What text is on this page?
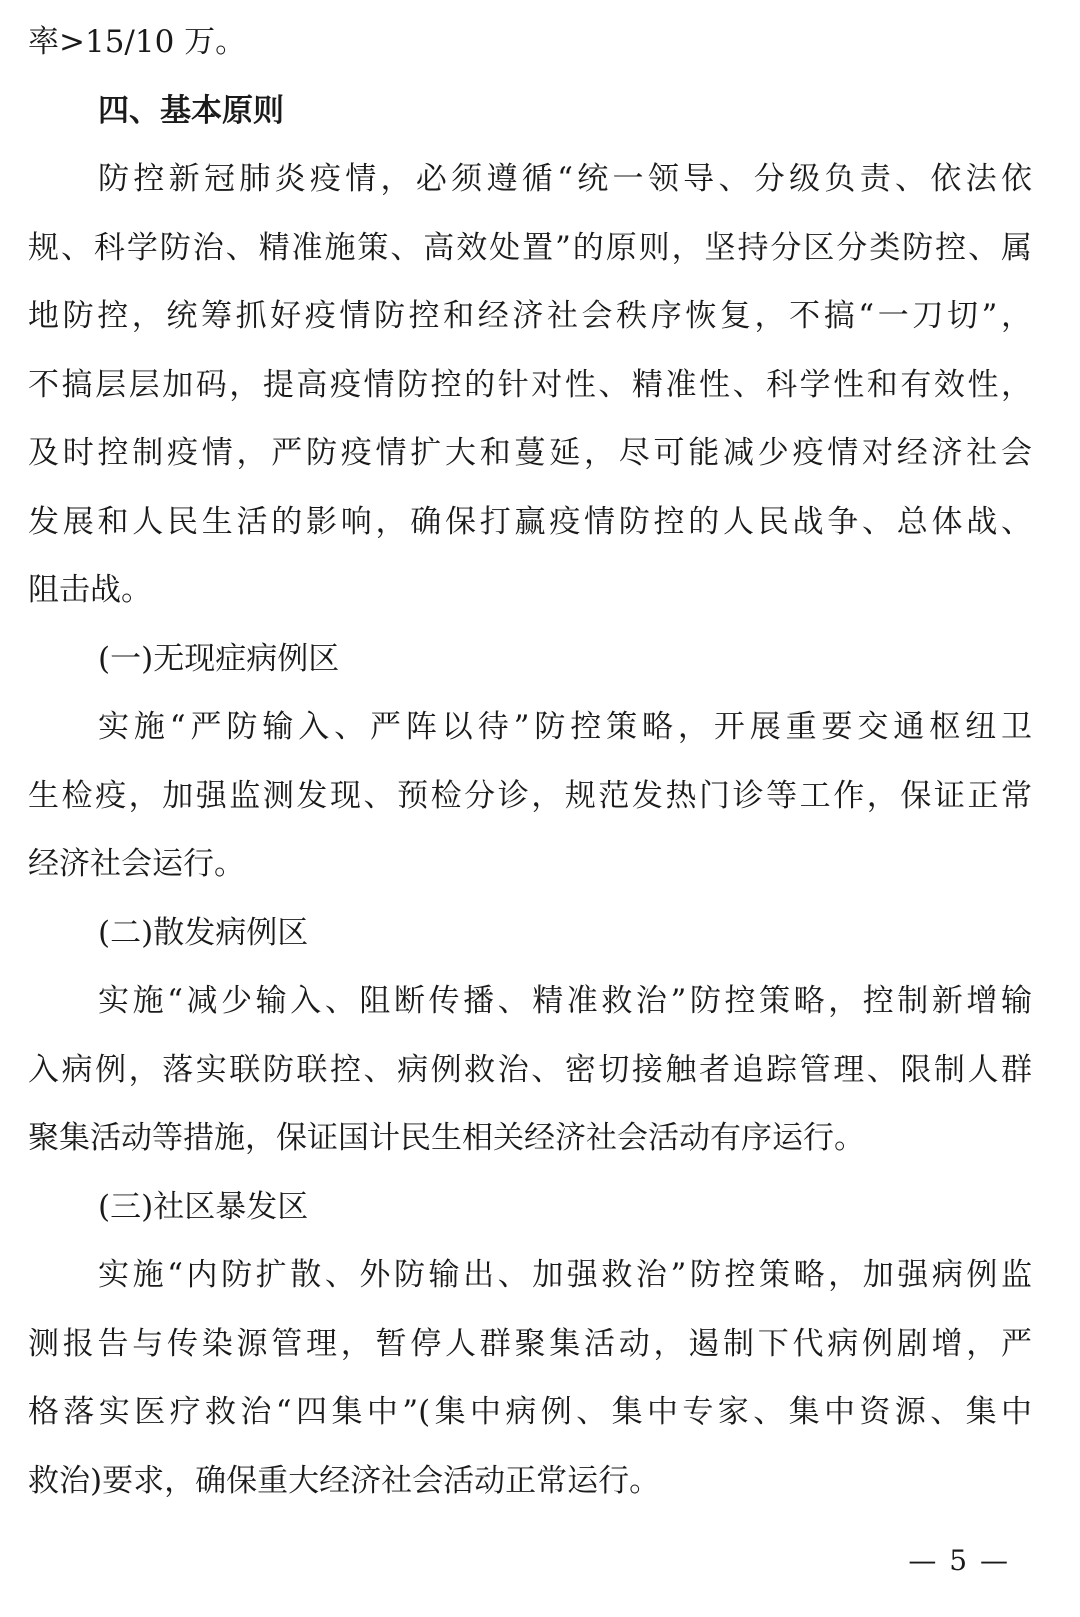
率>15/10 万。
四、基本原则
防控新冠肺炎疫情，必须遵循“统一领导、分级负责、依法依
规、科学防治、精准施策、高效处置”的原则，坚持分区分类防控、属
地防控，统筹抓好疫情防控和经济社会秩序恢复，不搞“一刀切”，
不搞层层加码，提高疫情防控的针对性、精准性、科学性和有效性，
及时控制疫情，严防疫情扩大和蔓延，尽可能减少疫情对经济社会
发展和人民生活的影响，确保打赢疫情防控的人民战争、总体战、
阻击战。
(一)无现症病例区
实施“严防输入、严阵以待”防控策略，开展重要交通枢纽卫
生检疫，加强监测发现、预检分诊，规范发热门诊等工作，保证正常
经济社会运行。
(二)散发病例区
实施“减少输入、阻断传播、精准救治”防控策略，控制新增输
入病例，落实联防联控、病例救治、密切接触者追踪管理、限制人群
聚集活动等措施，保证国计民生相关经济社会活动有序运行。
(三)社区暴发区
实施“内防扩散、外防输出、加强救治”防控策略，加强病例监
测报告与传染源管理，暂停人群聚集活动，遏制下代病例剧增，严
格落实医疗救治“四集中”(集中病例、集中专家、集中资源、集中
救治)要求，确保重大经济社会活动正常运行。
— 5 —
